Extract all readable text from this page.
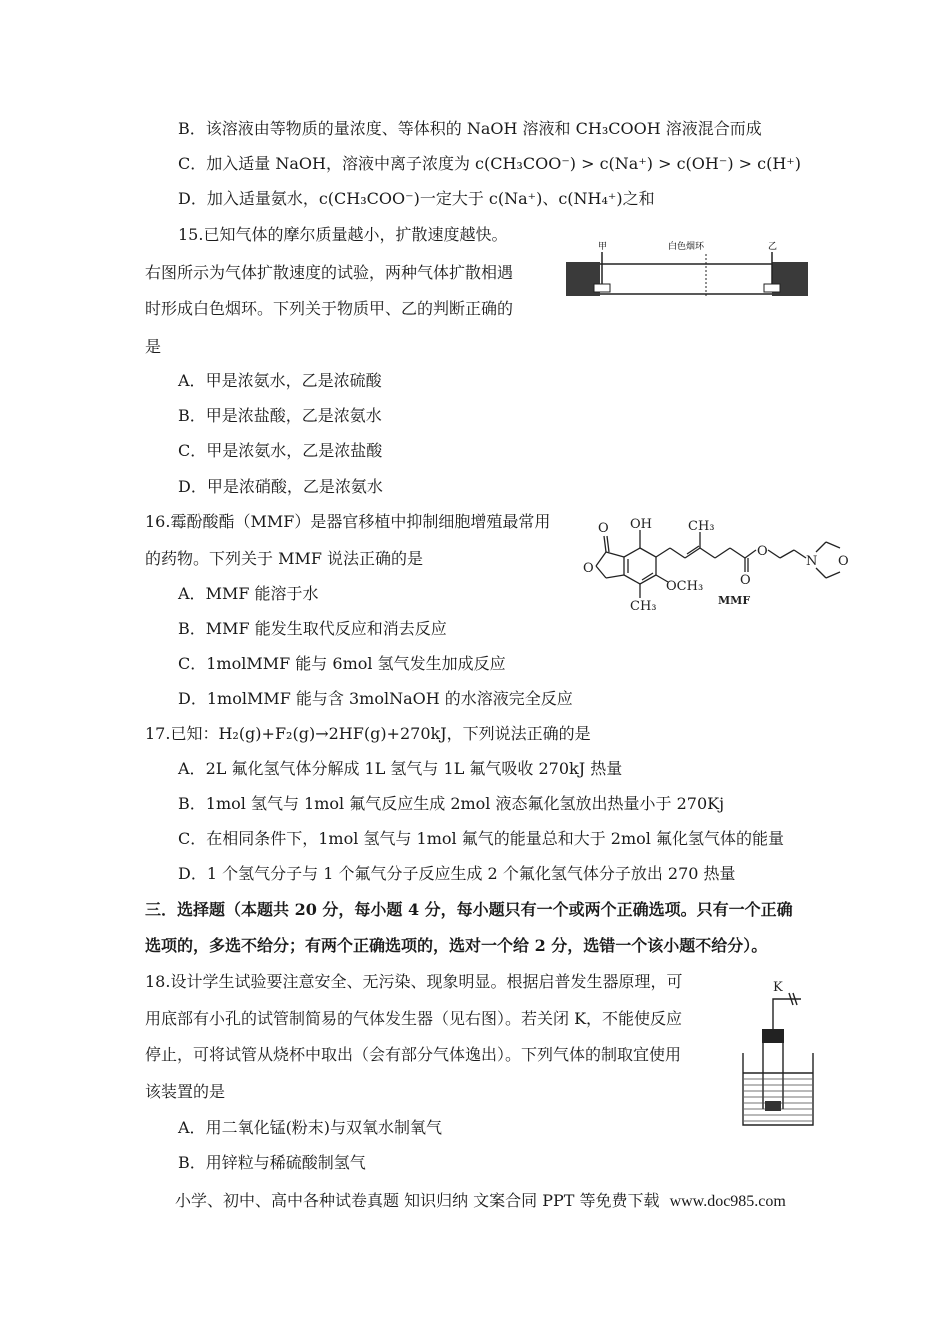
B．该溶液由等物质的量浓度、等体积的 NaOH 溶液和 CH₃COOH 溶液混合而成
C．加入适量 NaOH，溶液中离子浓度为 c(CH₃COO⁻) > c(Na⁺) > c(OH⁻) > c(H⁺)
D．加入适量氨水，c(CH₃COO⁻)一定大于 c(Na⁺)、c(NH₄⁺)之和
15.已知气体的摩尔质量越小，扩散速度越快。
右图所示为气体扩散速度的试验，两种气体扩散相遇
时形成白色烟环。下列关于物质甲、乙的判断正确的
是
甲	白色烟环	乙
A．甲是浓氨水，乙是浓硫酸
B．甲是浓盐酸，乙是浓氨水
C．甲是浓氨水，乙是浓盐酸
D．甲是浓硝酸，乙是浓氨水
16.霉酚酸酯（MMF）是器官移植中抑制细胞增殖最常用
的药物。下列关于 MMF 说法正确的是
O
O
OH	CH₃
OCH₃
CH₃
O
O
N O
MMF
A．MMF 能溶于水
B．MMF 能发生取代反应和消去反应
C．1molMMF 能与 6mol 氢气发生加成反应
D．1molMMF 能与含 3molNaOH 的水溶液完全反应
17.已知：H₂(g)+F₂(g)→2HF(g)+270kJ，下列说法正确的是
A．2L 氟化氢气体分解成 1L 氢气与 1L 氟气吸收 270kJ 热量
B．1mol 氢气与 1mol 氟气反应生成 2mol 液态氟化氢放出热量小于 270Kj
C．在相同条件下，1mol 氢气与 1mol 氟气的能量总和大于 2mol 氟化氢气体的能量
D．1 个氢气分子与 1 个氟气分子反应生成 2 个氟化氢气体分子放出 270 热量
三．选择题（本题共 20 分，每小题 4 分，每小题只有一个或两个正确选项。只有一个正确
选项的，多选不给分；有两个正确选项的，选对一个给 2 分，选错一个该小题不给分）。
18.设计学生试验要注意安全、无污染、现象明显。根据启普发生器原理，可
用底部有小孔的试管制简易的气体发生器（见右图）。若关闭 K，不能使反应
停止，可将试管从烧杯中取出（会有部分气体逸出）。下列气体的制取宜使用
该装置的是
K
A．用二氧化锰(粉末)与双氧水制氧气
B．用锌粒与稀硫酸制氢气
小学、初中、高中各种试卷真题 知识归纳 文案合同 PPT 等免费下载 www.doc985.com
